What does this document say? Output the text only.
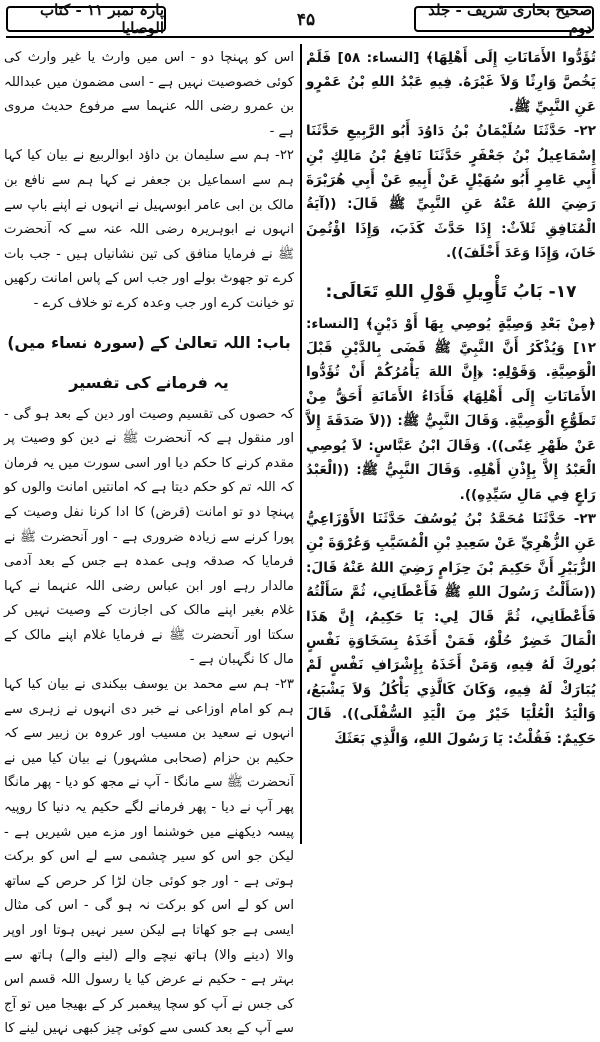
پارہ نمبر ۱۱ - کتاب الوصایا	۴۵	صحیح بخاری شریف - جلد دوم

تُؤَدُّوا الأَمَانَاتِ إِلَى أَهْلِهَا﴾ [النساء: ٥٨] فَلَمْ يَخُصَّ وَارِثًا وَلاَ غَيْرَهُ. فِيهِ عَبْدُ اللهِ بْنُ عَمْرٍو عَنِ النَّبِيِّ ﷺ.

٢٢- حَدَّثَنَا سُلَيْمَانُ بْنُ دَاوُدَ أَبُو الرَّبِيعِ حَدَّثَنَا إِسْمَاعِيلُ بْنُ جَعْفَرٍ حَدَّثَنَا نَافِعُ بْنُ مَالِكِ بْنِ أَبِي عَامِرٍ أَبُو سُهَيْلٍ عَنْ أَبِيهِ عَنْ أَبِي هُرَيْرَةَ رَضِيَ اللهُ عَنْهُ عَنِ النَّبِيِّ ﷺ قَالَ: ((آيَةُ الْمُنَافِقِ ثَلاَثٌ: إِذَا حَدَّثَ كَذَبَ، وَإِذَا اؤْتُمِنَ خَانَ، وَإِذَا وَعَدَ أَخْلَفَ)).

١٧- بَابُ تَأْوِيلِ قَوْلِ اللهِ تَعَالَى:

﴿مِنْ بَعْدِ وَصِيَّةٍ يُوصِي بِهَا أَوْ دَيْنٍ﴾ [النساء: ١٢] وَيُذْكَرُ أَنَّ النَّبِيَّ ﷺ قَضَى بِالدَّيْنِ قَبْلَ الْوَصِيَّةِ. وَقَوْلِهِ: ﴿إِنَّ اللهَ يَأْمُرُكُمْ أَنْ تُؤَدُّوا الأَمَانَاتِ إِلَى أَهْلِهَا﴾ فَأَدَاءُ الأَمَانَةِ أَحَقُّ مِنْ تَطَوُّعِ الْوَصِيَّةِ. وَقَالَ النَّبِيُّ ﷺ: ((لاَ صَدَقَةَ إِلاَّ عَنْ ظَهْرِ غِنًى)). وَقَالَ ابْنُ عَبَّاسٍ: لاَ يُوصِي الْعَبْدُ إِلاَّ بِإِذْنِ أَهْلِهِ. وَقَالَ النَّبِيُّ ﷺ: ((الْعَبْدُ رَاعٍ فِي مَالِ سَيِّدِهِ)).

٢٣- حَدَّثَنَا مُحَمَّدُ بْنُ يُوسُفَ حَدَّثَنَا الأَوْزَاعِيُّ عَنِ الزُّهْرِيِّ عَنْ سَعِيدِ بْنِ الْمُسَيَّبِ وَعُرْوَةَ بْنِ الزُّبَيْرِ أَنَّ حَكِيمَ بْنَ حِزَامٍ رَضِيَ اللهُ عَنْهُ قَالَ: ((سَأَلْتُ رَسُولَ اللهِ ﷺ فَأَعْطَانِي، ثُمَّ سَأَلْتُهُ فَأَعْطَانِي، ثُمَّ قَالَ لِي: يَا حَكِيمُ، إِنَّ هَذَا الْمَالَ خَضِرٌ حُلْوٌ، فَمَنْ أَخَذَهُ بِسَخَاوَةِ نَفْسٍ بُورِكَ لَهُ فِيهِ، وَمَنْ أَخَذَهُ بِإِشْرَافِ نَفْسٍ لَمْ يُبَارَكْ لَهُ فِيهِ، وَكَانَ كَالَّذِي يَأْكُلُ وَلاَ يَشْبَعُ، وَالْيَدُ الْعُلْيَا خَيْرٌ مِنَ الْيَدِ السُّفْلَى)). قَالَ حَكِيمٌ: فَقُلْتُ: يَا رَسُولَ اللهِ، وَالَّذِي بَعَثَكَ

اس کو پہنچا دو - اس میں وارث یا غیر وارث کی کوئی خصوصیت نہیں ہے - اسی مضمون میں عبداللہ بن عمرو رضی اللہ عنہما سے مرفوع حدیث مروی ہے -

۲۲- ہم سے سلیمان بن داؤد ابوالربیع نے بیان کیا کہا ہم سے اسماعیل بن جعفر نے کہا ہم سے نافع بن مالک بن ابی عامر ابوسہیل نے انہوں نے اپنے باپ سے انہوں نے ابوہریرہ رضی اللہ عنہ سے کہ آنحضرت ﷺ نے فرمایا منافق کی تین نشانیاں ہیں - جب بات کرے تو جھوٹ بولے اور جب اس کے پاس امانت رکھیں تو خیانت کرے اور جب وعدہ کرے تو خلاف کرے -

باب: اللہ تعالیٰ کے (سورہ نساء میں) یہ فرمانے کی تفسیر

کہ حصوں کی تقسیم وصیت اور دین کے بعد ہو گی - اور منقول ہے کہ آنحضرت ﷺ نے دین کو وصیت پر مقدم کرنے کا حکم دیا اور اسی سورت میں یہ فرمان کہ اللہ تم کو حکم دیتا ہے کہ امانتیں امانت والوں کو پہنچا دو تو امانت (قرض) کا ادا کرنا نفل وصیت کے پورا کرنے سے زیادہ ضروری ہے - اور آنحضرت ﷺ نے فرمایا کہ صدقہ وہی عمدہ ہے جس کے بعد آدمی مالدار رہے اور ابن عباس رضی اللہ عنہما نے کہا غلام بغیر اپنے مالک کی اجازت کے وصیت نہیں کر سکتا اور آنحضرت ﷺ نے فرمایا غلام اپنے مالک کے مال کا نگہبان ہے -

۲۳- ہم سے محمد بن یوسف بیکندی نے بیان کیا کہا ہم کو امام اوزاعی نے خبر دی انہوں نے زہری سے انہوں نے سعید بن مسیب اور عروہ بن زبیر سے کہ حکیم بن حزام (صحابی مشہور) نے بیان کیا میں نے آنحضرت ﷺ سے مانگا - آپ نے مجھ کو دیا - پھر مانگا پھر آپ نے دیا - پھر فرمانے لگے حکیم یہ دنیا کا روپیہ پیسہ دیکھنے میں خوشنما اور مزے میں شیریں ہے - لیکن جو اس کو سیر چشمی سے لے اس کو برکت ہوتی ہے - اور جو کوئی جان لڑا کر حرص کے ساتھ اس کو لے اس کو برکت نہ ہو گی - اس کی مثال ایسی ہے جو کھاتا ہے لیکن سیر نہیں ہوتا اور اوپر والا (دینے والا) ہاتھ نیچے والے (لینے والے) ہاتھ سے بہتر ہے - حکیم نے عرض کیا یا رسول اللہ قسم اس کی جس نے آپ کو سچا پیغمبر کر کے بھیجا میں تو آج سے آپ کے بعد کسی سے کوئی چیز کبھی نہیں لینے کا
